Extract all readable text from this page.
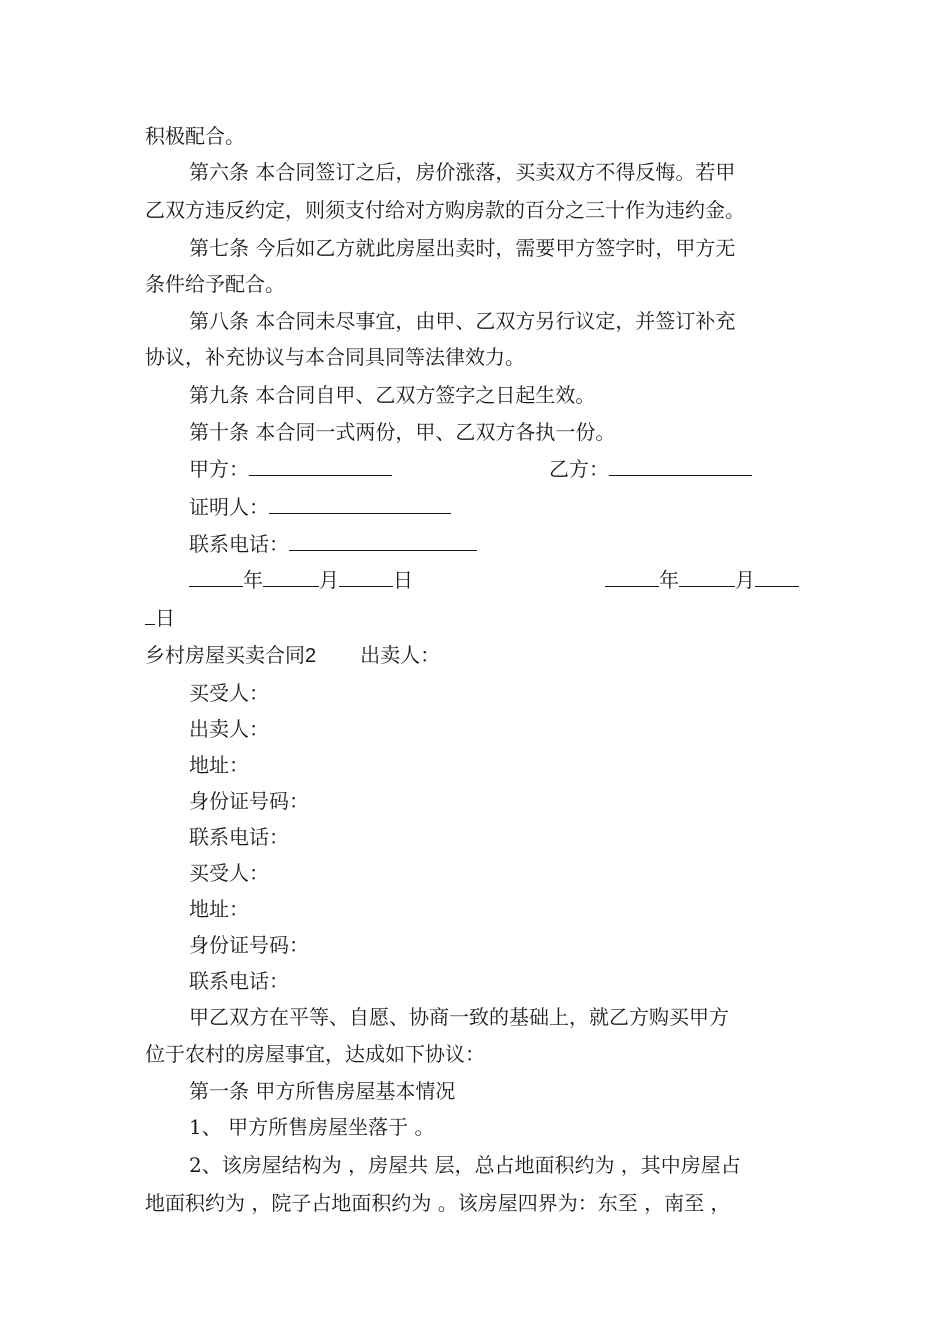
积极配合。
第六条 本合同签订之后，房价涨落，买卖双方不得反悔。若甲
乙双方违反约定，则须支付给对方购房款的百分之三十作为违约金。
第七条 今后如乙方就此房屋出卖时，需要甲方签字时，甲方无
条件给予配合。
第八条 本合同未尽事宜，由甲、乙双方另行议定，并签订补充
协议，补充协议与本合同具同等法律效力。
第九条 本合同自甲、乙双方签字之日起生效。
第十条 本合同一式两份，甲、乙双方各执一份。
甲方：	乙方：
证明人：
联系电话：
年	月	日	年	月
日
乡村房屋买卖合同2 出卖人：
买受人：
出卖人：
地址：
身份证号码：
联系电话：
买受人：
地址：
身份证号码：
联系电话：
甲乙双方在平等、自愿、协商一致的基础上，就乙方购买甲方
位于农村的房屋事宜，达成如下协议：
第一条 甲方所售房屋基本情况
1、 甲方所售房屋坐落于 。
2、该房屋结构为 ，房屋共 层，总占地面积约为 ，其中房屋占
地面积约为 ，院子占地面积约为 。该房屋四界为：东至 ，南至 ，
